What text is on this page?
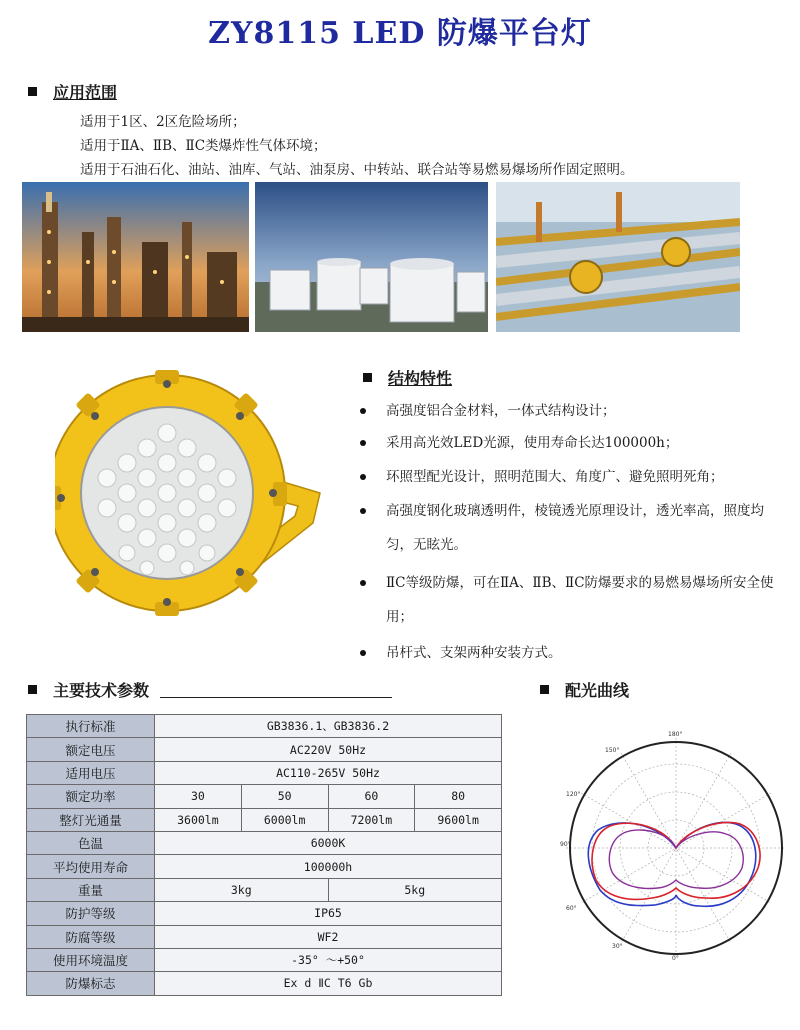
ZY8115 LED 防爆平台灯
应用范围
适用于1区、2区危险场所；
适用于ⅡA、ⅡB、ⅡC类爆炸性气体环境；
适用于石油石化、油站、油库、气站、油泵房、中转站、联合站等易燃易爆场所作固定照明。
结构特性
高强度铝合金材料，一体式结构设计；
采用高光效LED光源，使用寿命长达100000h；
环照型配光设计，照明范围大、角度广、避免照明死角；
高强度钢化玻璃透明件，棱镜透光原理设计，透光率高，照度均匀，无眩光。
ⅡC等级防爆，可在ⅡA、ⅡB、ⅡC防爆要求的易燃易爆场所安全使用；
吊杆式、支架两种安装方式。
主要技术参数	配光曲线
执行标准	GB3836.1、GB3836.2			
额定电压	AC220V 50Hz			
适用电压	AC110-265V 50Hz			
额定功率	30	50	60	80
整灯光通量	3600lm	6000lm	7200lm	9600lm
色温	6000K			
平均使用寿命	100000h			
重量	3kg		5kg	
防护等级	IP65			
防腐等级	WF2			
使用环境温度	-35° ～+50°			
防爆标志	Ex d ⅡC T6 Gb			
180°
150°
120°
90°
60°
30°
0°
